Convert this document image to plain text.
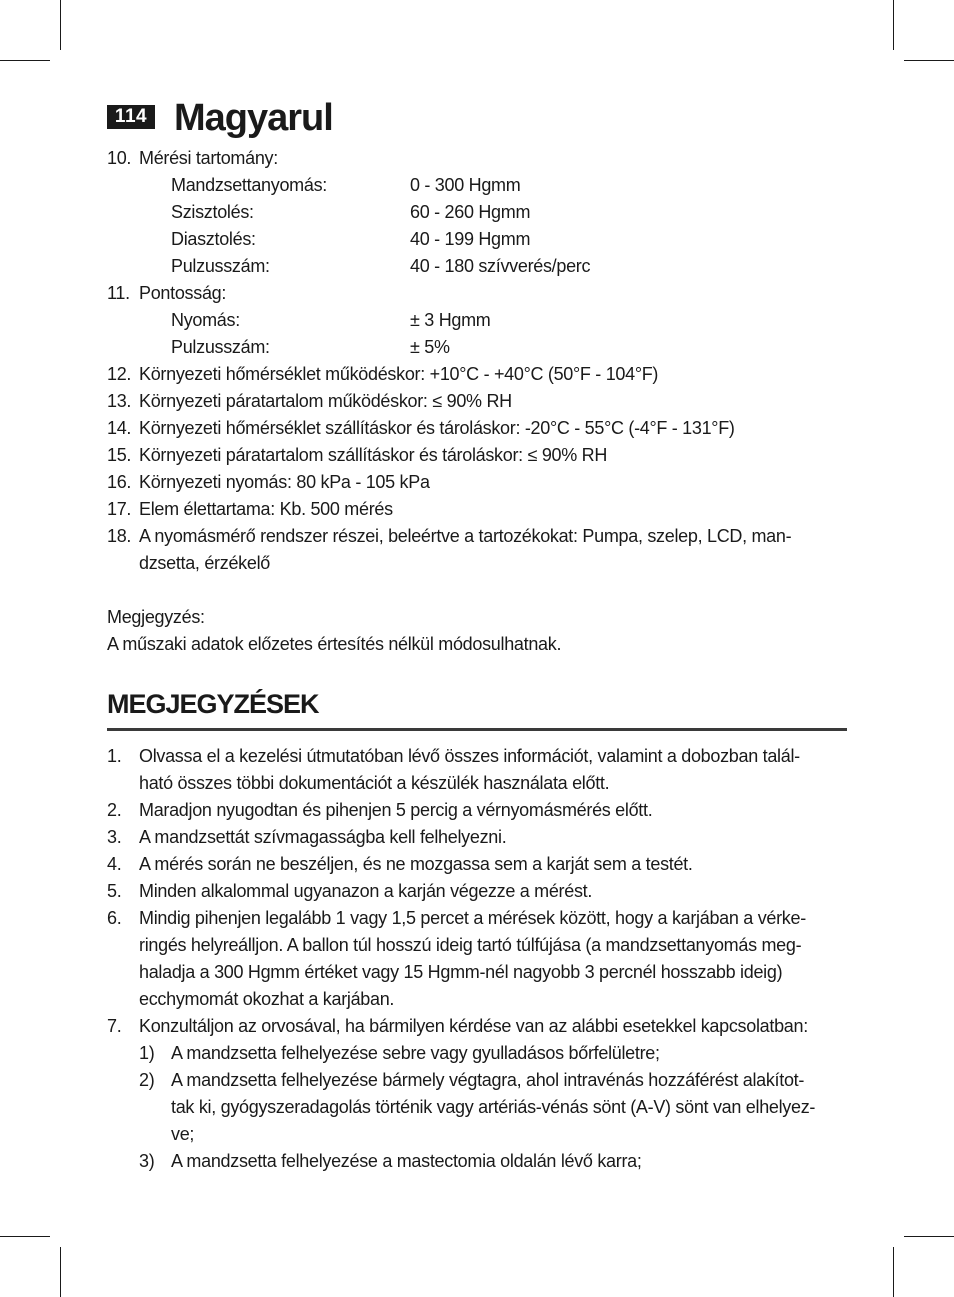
114 Magyarul
10. Mérési tartomány:
Mandzsettanyomás:	0 - 300 Hgmm
Szisztolés:	60 - 260 Hgmm
Diasztolés:	40 - 199 Hgmm
Pulzusszám:	40 - 180 szívverés/perc
11. Pontosság:
Nyomás:	± 3 Hgmm
Pulzusszám:	± 5%
12. Környezeti hőmérséklet működéskor: +10°C - +40°C (50°F - 104°F)
13. Környezeti páratartalom működéskor: ≤ 90% RH
14. Környezeti hőmérséklet szállításkor és tároláskor: -20°C - 55°C (-4°F - 131°F)
15. Környezeti páratartalom szállításkor és tároláskor: ≤ 90% RH
16. Környezeti nyomás: 80 kPa - 105 kPa
17. Elem élettartama: Kb. 500 mérés
18. A nyomásmérő rendszer részei, beleértve a tartozékokat: Pumpa, szelep, LCD, man-
dzsetta, érzékelő
Megjegyzés:
A műszaki adatok előzetes értesítés nélkül módosulhatnak.
MEGJEGYZÉSEK
1. Olvassa el a kezelési útmutatóban lévő összes információt, valamint a dobozban talál-
ható összes többi dokumentációt a készülék használata előtt.
2. Maradjon nyugodtan és pihenjen 5 percig a vérnyomásmérés előtt.
3. A mandzsettát szívmagasságba kell felhelyezni.
4. A mérés során ne beszéljen, és ne mozgassa sem a karját sem a testét.
5. Minden alkalommal ugyanazon a karján végezze a mérést.
6. Mindig pihenjen legalább 1 vagy 1,5 percet a mérések között, hogy a karjában a vérke-
ringés helyreálljon. A ballon túl hosszú ideig tartó túlfújása (a mandzsettanyomás meg-
haladja a 300 Hgmm értéket vagy 15 Hgmm-nél nagyobb 3 percnél hosszabb ideig)
ecchymomát okozhat a karjában.
7. Konzultáljon az orvosával, ha bármilyen kérdése van az alábbi esetekkel kapcsolatban:
1) A mandzsetta felhelyezése sebre vagy gyulladásos bőrfelületre;
2) A mandzsetta felhelyezése bármely végtagra, ahol intravénás hozzáférést alakítot-
tak ki, gyógyszeradagolás történik vagy artériás-vénás sönt (A-V) sönt van elhelyez-
ve;
3) A mandzsetta felhelyezése a mastectomia oldalán lévő karra;
